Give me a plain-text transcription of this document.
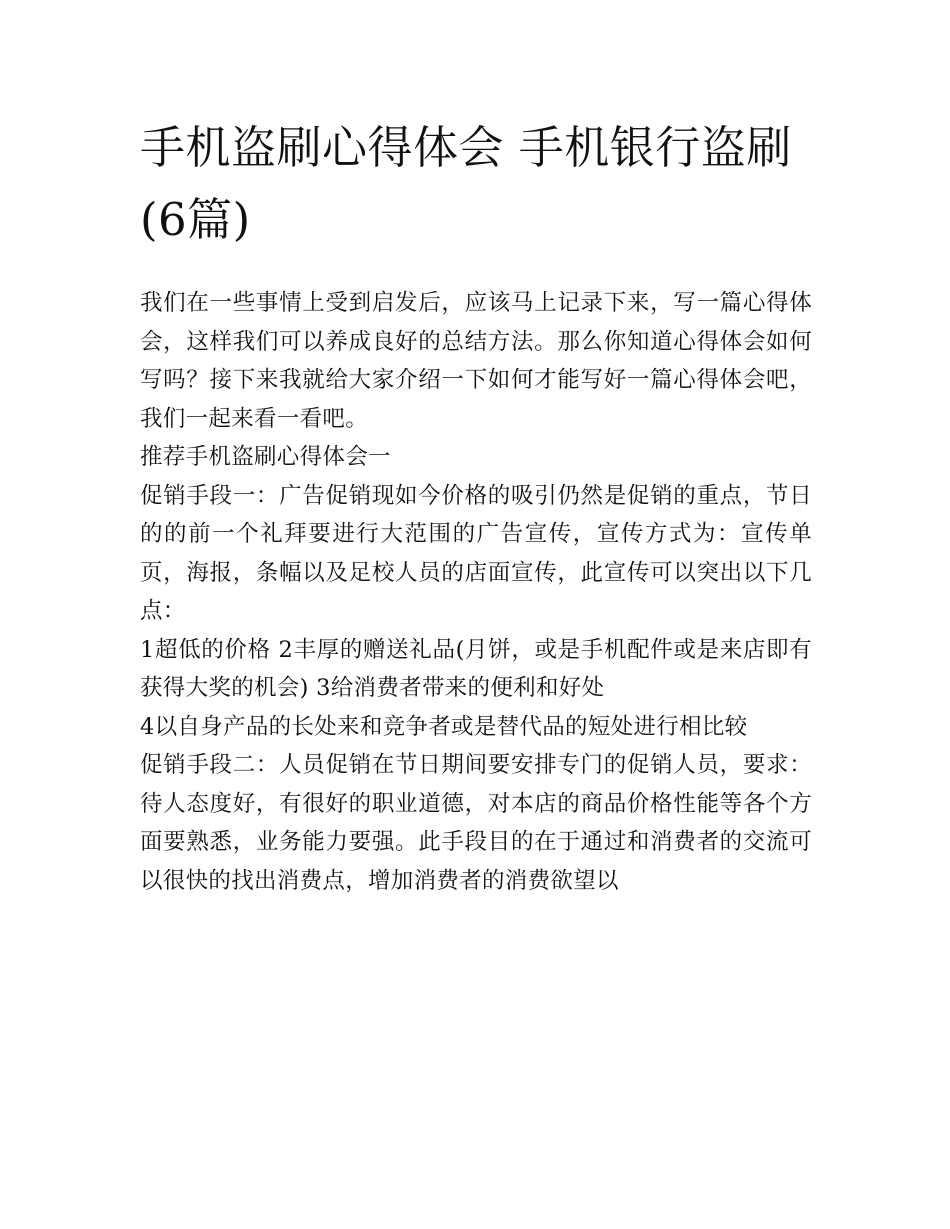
手机盗刷心得体会 手机银行盗刷(6篇)

我们在一些事情上受到启发后，应该马上记录下来，写一篇心得体会，这样我们可以养成良好的总结方法。那么你知道心得体会如何写吗？接下来我就给大家介绍一下如何才能写好一篇心得体会吧，我们一起来看一看吧。

推荐手机盗刷心得体会一

促销手段一：广告促销现如今价格的吸引仍然是促销的重点，节日的的前一个礼拜要进行大范围的广告宣传，宣传方式为：宣传单页，海报，条幅以及足校人员的店面宣传，此宣传可以突出以下几点：

1超低的价格 2丰厚的赠送礼品(月饼，或是手机配件或是来店即有获得大奖的机会) 3给消费者带来的便利和好处

4以自身产品的长处来和竞争者或是替代品的短处进行相比较

促销手段二：人员促销在节日期间要安排专门的促销人员，要求：待人态度好，有很好的职业道德，对本店的商品价格性能等各个方面要熟悉，业务能力要强。此手段目的在于通过和消费者的交流可以很快的找出消费点，增加消费者的消费欲望以
